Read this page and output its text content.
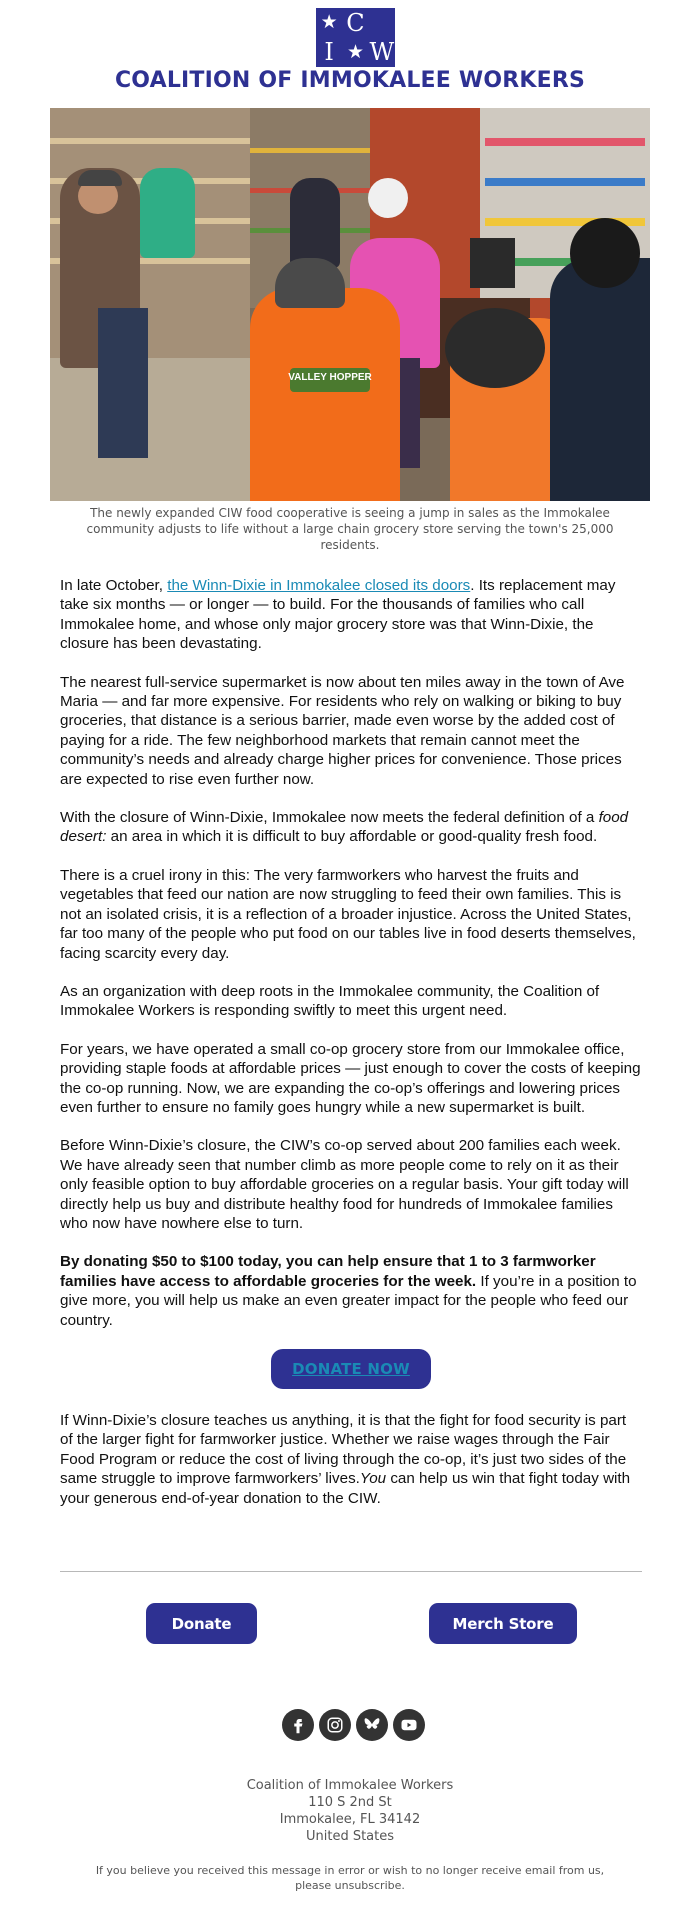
★ C
I ★ W
COALITION OF IMMOKALEE WORKERS
VALLEY HOPPER
The newly expanded CIW food cooperative is seeing a jump in sales as the Immokalee community adjusts to life without a large chain grocery store serving the town's 25,000 residents.

In late October, the Winn-Dixie in Immokalee closed its doors. Its replacement may take six months — or longer — to build. For the thousands of families who call Immokalee home, and whose only major grocery store was that Winn-Dixie, the closure has been devastating.

The nearest full-service supermarket is now about ten miles away in the town of Ave Maria — and far more expensive. For residents who rely on walking or biking to buy groceries, that distance is a serious barrier, made even worse by the added cost of paying for a ride. The few neighborhood markets that remain cannot meet the community’s needs and already charge higher prices for convenience. Those prices are expected to rise even further now.

With the closure of Winn-Dixie, Immokalee now meets the federal definition of a food desert: an area in which it is difficult to buy affordable or good-quality fresh food.

There is a cruel irony in this: The very farmworkers who harvest the fruits and vegetables that feed our nation are now struggling to feed their own families. This is not an isolated crisis, it is a reflection of a broader injustice. Across the United States, far too many of the people who put food on our tables live in food deserts themselves, facing scarcity every day.

As an organization with deep roots in the Immokalee community, the Coalition of Immokalee Workers is responding swiftly to meet this urgent need.

For years, we have operated a small co-op grocery store from our Immokalee office, providing staple foods at affordable prices — just enough to cover the costs of keeping the co-op running. Now, we are expanding the co-op’s offerings and lowering prices even further to ensure no family goes hungry while a new supermarket is built.

Before Winn-Dixie’s closure, the CIW’s co-op served about 200 families each week. We have already seen that number climb as more people come to rely on it as their only feasible option to buy affordable groceries on a regular basis. Your gift today will directly help us buy and distribute healthy food for hundreds of Immokalee families who now have nowhere else to turn.

By donating $50 to $100 today, you can help ensure that 1 to 3 farmworker families have access to affordable groceries for the week. If you’re in a position to give more, you will help us make an even greater impact for the people who feed our country.

DONATE NOW

If Winn-Dixie’s closure teaches us anything, it is that the fight for food security is part of the larger fight for farmworker justice. Whether we raise wages through the Fair Food Program or reduce the cost of living through the co-op, it’s just two sides of the same struggle to improve farmworkers’ lives.You can help us win that fight today with your generous end-of-year donation to the CIW.

Donate	Merch Store
Coalition of Immokalee Workers
110 S 2nd St
Immokalee, FL 34142
United States
If you believe you received this message in error or wish to no longer receive email from us, please unsubscribe.
